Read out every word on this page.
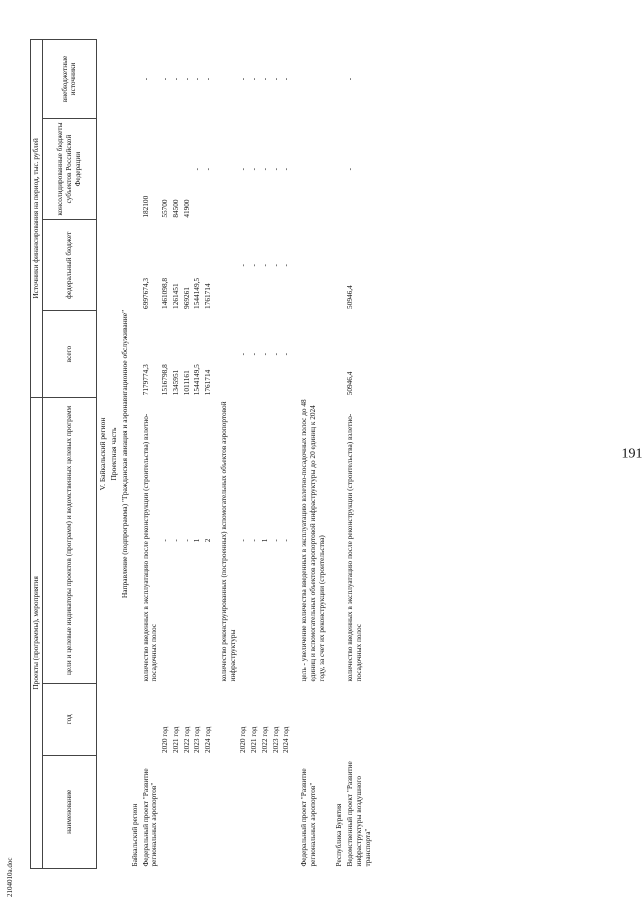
191
2104010a.doc
Проекты (программы), мероприятия			Источники финансирования на период, тыс. рублей			
наименование	год	цели и целевые индикаторы проектов (программ) и ведомственных целевых программ	всего	федеральный бюджет	консолидированные бюджеты субъектов Российской Федерации	внебюджетные источники
V. Байкальский регион						
Проектная часть						
Направление (подпрограмма) "Гражданская авиация и аэронавигационное обслуживание"						
Байкальский регион						
Федеральный проект "Развитие региональных аэропортов"		количество введенных в эксплуатацию после реконструкции (строительства) взлетно-посадочных полос	7179774,3	6997674,3	182100	-
	2020 год	-	1516798,8	1461098,8	55700	-
	2021 год	-	1345951	1261451	84500	-
	2022 год	-	1011161	969261	41900	-
	2023 год	1	1544149,5	1544149,5	-	-
	2024 год	2	1761714	1761714	-	-
		количество реконструированных (построенных) вспомогательных объектов аэропортовой инфраструктуры				
	2020 год	-	-	-	-	-
	2021 год	-	-	-	-	-
	2022 год	1	-	-	-	-
	2023 год	-	-	-	-	-
	2024 год	-	-	-	-	-
Федеральный проект "Развитие региональных аэропортов"		цель - увеличение количества введенных в эксплуатацию взлетно-посадочных полос до 48 единиц и вспомогательных объектов аэропортовой инфраструктуры до 20 единиц к 2024 году, за счет их реконструкции (строительства)				
Республика Бурятия						
Ведомственный проект "Развитие инфраструктуры воздушного транспорта"		количество введенных в эксплуатацию после реконструкции (строительства) взлетно-посадочных полос	50946,4	50946,4	-	-
